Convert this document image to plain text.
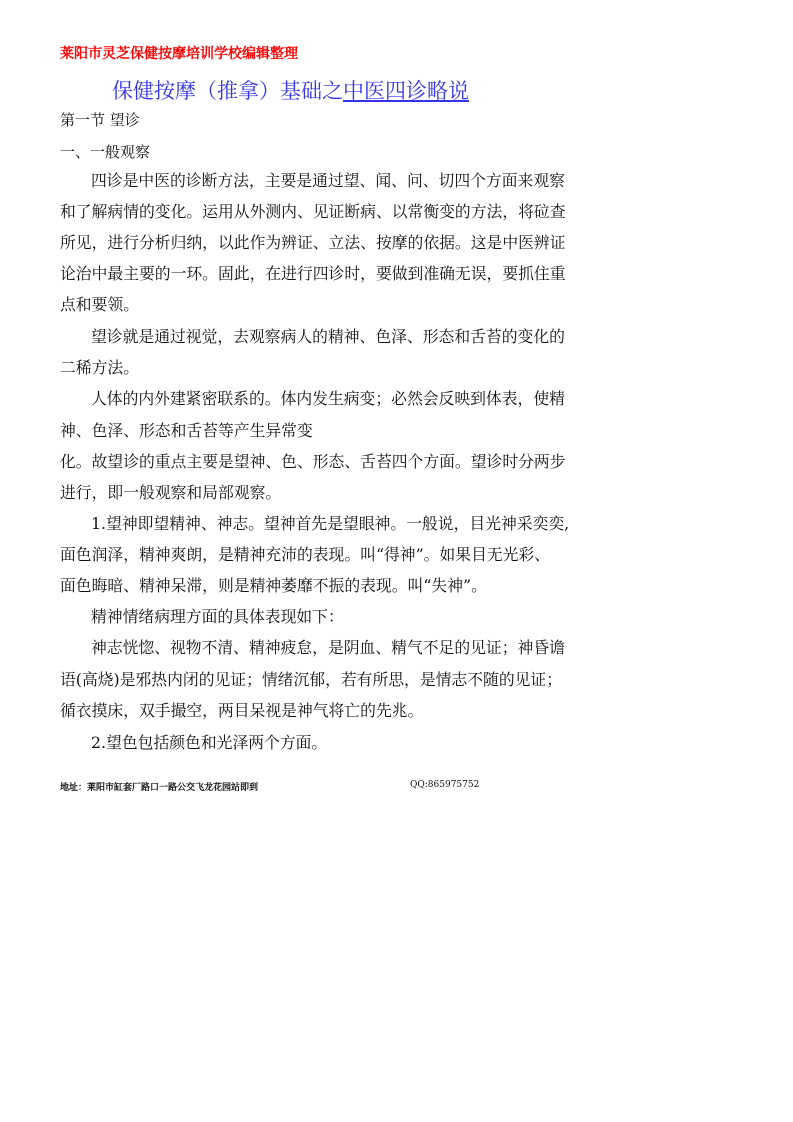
莱阳市灵芝保健按摩培训学校编辑整理
保健按摩（推拿）基础之中医四诊略说
第一节 望诊
一、一般观察
四诊是中医的诊断方法，主要是通过望、闻、问、切四个方面来观察
和了解病情的变化。运用从外测内、见证断病、以常衡变的方法，将砬查
所见，进行分析归纳，以此作为辨证、立法、按摩的依据。这是中医辨证
论治中最主要的一环。固此，在进行四诊时，要做到准确无误，要抓住重
点和要领。
望诊就是通过视觉，去观察病人的精神、色泽、形态和舌苔的变化的
二稀方法。
人体的内外建紧密联系的。体内发生病变；必然会反映到体表，使精
神、色泽、形态和舌苔等产生异常变
化。故望诊的重点主要是望神、色、形态、舌苔四个方面。望诊时分两步
进行，即一般观察和局部观察。
1.望神即望精神、神志。望神首先是望眼神。一般说，目光神采奕奕,
面色润泽，精神爽朗，是精神充沛的表现。叫“得神”。如果目无光彩、
面色晦暗、精神呆滞，则是精神萎靡不振的表现。叫“失神”。
精神情绪病理方面的具体表现如下：
神志恍惚、视物不清、精神疲怠，是阴血、精气不足的见证；神昏谵
语(高烧)是邪热内闭的见证；情绪沉郁，若有所思，是情志不随的见证；
循衣摸床，双手撮空，两目呆视是神气将亡的先兆。
2.望色包括颜色和光泽两个方面。
地址：莱阳市缸套厂路口一路公交飞龙花园站即到	QQ:865975752
